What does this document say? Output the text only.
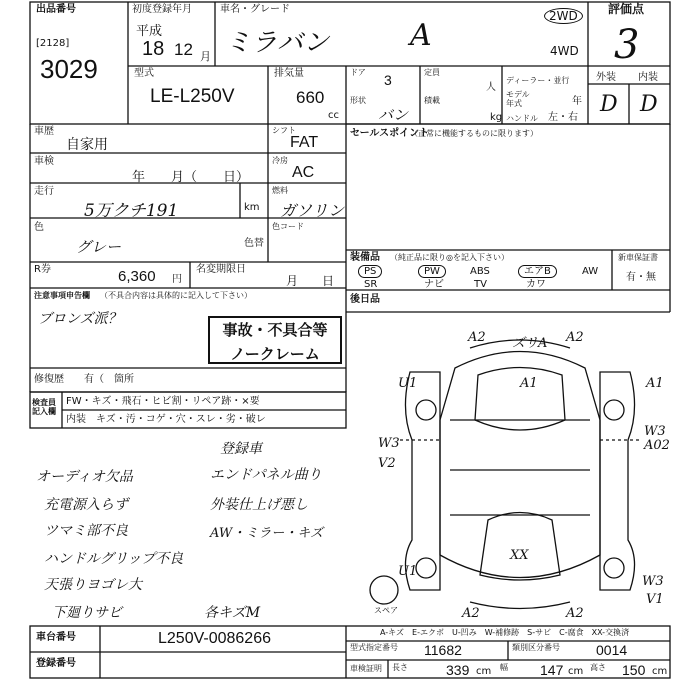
出品番号
[2128]
3029
初度登録年月
平成
18 12 月
車名・グレード
ミラバン	A
2WD
4WD
評価点
3
型式
LE-L250V
排気量
660
cc
ドア 3	定員
人
形状
バン
積載
kg
ディーラー・並行
モデル年式	年
ハンドル 左・右
外装 内装
D D
車歴
自家用
シフト
FAT
車検
年　　月（　　日）
冷房
AC
走行
5万クチ191	km
燃料
ガソリン
色
グレー	色替
色コード
R券	6,360 円
名変期限日
月　　日
注意事項申告欄 （不具合内容は具体的に記入して下さい）
ブロンズ派？
事故・不具合等
ノークレーム
修復歴 有（　箇所
検査員
記入欄
FW・キズ・飛石・ヒビ割・リペア跡・×要
内装　キズ・汚・コゲ・穴・スレ・劣・破レ
セールスポイント
（正常に機能するものに限ります）
装備品 （純正品に限り◎を記入下さい）
PS	PW	ABS	エアB	AW
SR	ナビ	TV	カワ
新車保証書
有・無
後日品
オーディオ欠品
充電源入らず
ツマミ部不良
ハンドルグリップ不良
天張りヨゴレ大
下廻りサビ
登録車
エンドパネル曲り
外装仕上げ悪し
AW・ミラー・キズ
各キズM
A2 ズリA A2
A1
U1	A1
W3
V2
W3
A02
U1
XX
W3
V1
A2	A2
スペア
A-キズ　E-エクボ　U-凹み　W-補修跡　S-サビ　C-腐食　XX-交換済
車台番号	L250V-0086266
登録番号
型式指定番号 11682	類別区分番号	0014
車検証明 長さ	339 cm 幅 147 cm 高さ 150 cm
